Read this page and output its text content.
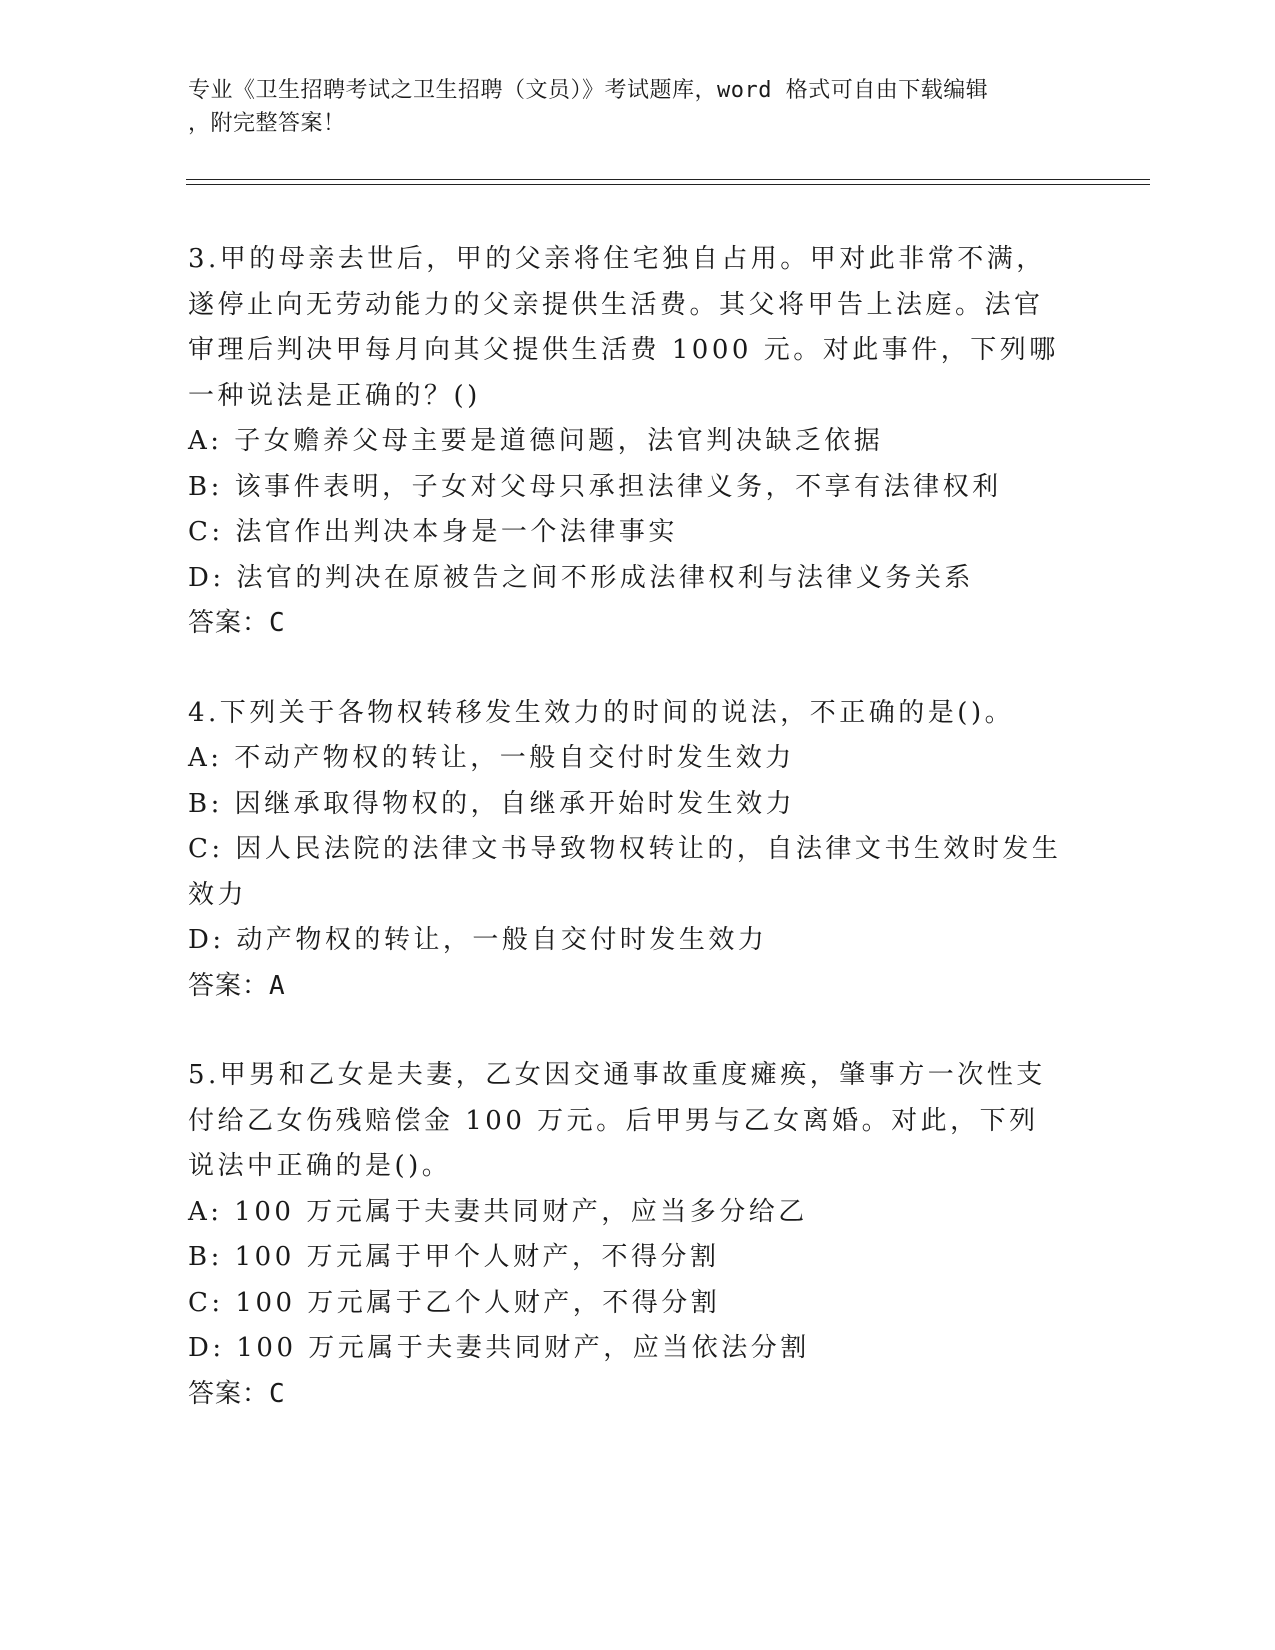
专业《卫生招聘考试之卫生招聘（文员）》考试题库，word 格式可自由下载编辑
，附完整答案！
3.甲的母亲去世后，甲的父亲将住宅独自占用。甲对此非常不满，遂停止向无劳动能力的父亲提供生活费。其父将甲告上法庭。法官审理后判决甲每月向其父提供生活费 1000 元。对此事件，下列哪一种说法是正确的？()
A: 子女赡养父母主要是道德问题，法官判决缺乏依据
B: 该事件表明，子女对父母只承担法律义务，不享有法律权利
C: 法官作出判决本身是一个法律事实
D: 法官的判决在原被告之间不形成法律权利与法律义务关系
答案：C
4.下列关于各物权转移发生效力的时间的说法，不正确的是()。
A: 不动产物权的转让，一般自交付时发生效力
B: 因继承取得物权的，自继承开始时发生效力
C: 因人民法院的法律文书导致物权转让的，自法律文书生效时发生效力
D: 动产物权的转让，一般自交付时发生效力
答案：A
5.甲男和乙女是夫妻，乙女因交通事故重度瘫痪，肇事方一次性支付给乙女伤残赔偿金 100 万元。后甲男与乙女离婚。对此，下列说法中正确的是()。
A: 100 万元属于夫妻共同财产，应当多分给乙
B: 100 万元属于甲个人财产，不得分割
C: 100 万元属于乙个人财产，不得分割
D: 100 万元属于夫妻共同财产，应当依法分割
答案：C
